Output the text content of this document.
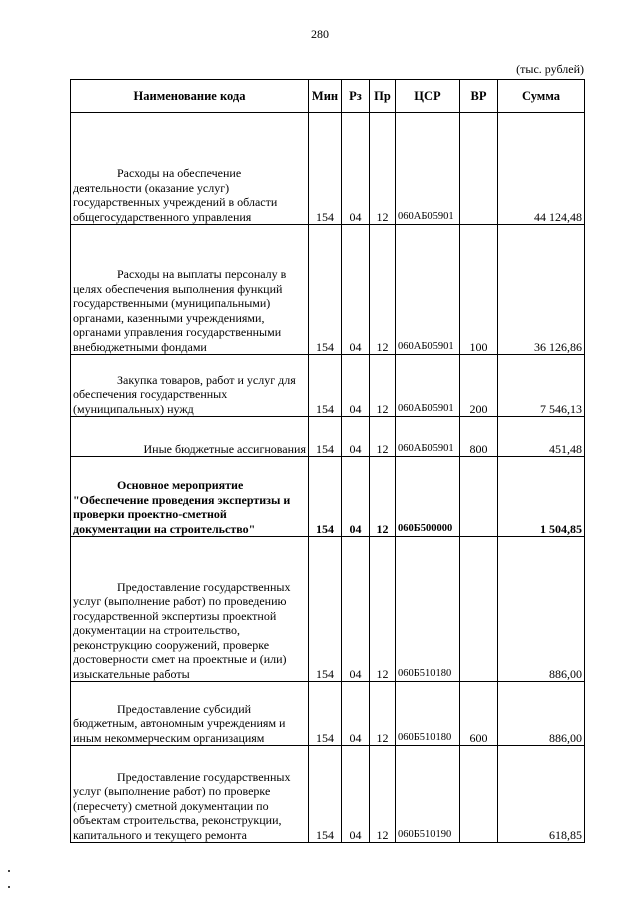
280
(тыс. рублей)
Наименование кода	Мин	Рз	Пр	ЦСР	ВР	Сумма

Расходы на обеспечение деятельности (оказание услуг) государственных учреждений в области общегосударственного управления	154	04	12	060АБ05901		44 124,48

Расходы на выплаты персоналу в целях обеспечения выполнения функций государственными (муниципальными) органами, казенными учреждениями, органами управления государственными внебюджетными фондами	154	04	12	060АБ05901	100	36 126,86

Закупка товаров, работ и услуг для обеспечения государственных (муниципальных) нужд	154	04	12	060АБ05901	200	7 546,13

Иные бюджетные ассигнования	154	04	12	060АБ05901	800	451,48

Основное мероприятие "Обеспечение проведения экспертизы и проверки проектно-сметной документации на строительство"	154	04	12	060Б500000		1 504,85

Предоставление государственных услуг (выполнение работ) по проведению государственной экспертизы проектной документации на строительство, реконструкцию сооружений, проверке достоверности смет на проектные и (или) изыскательные работы	154	04	12	060Б510180		886,00

Предоставление субсидий бюджетным, автономным учреждениям и иным некоммерческим организациям	154	04	12	060Б510180	600	886,00

Предоставление государственных услуг (выполнение работ) по проверке (пересчету) сметной документации по объектам строительства, реконструкции, капитального и текущего ремонта	154	04	12	060Б510190		618,85
